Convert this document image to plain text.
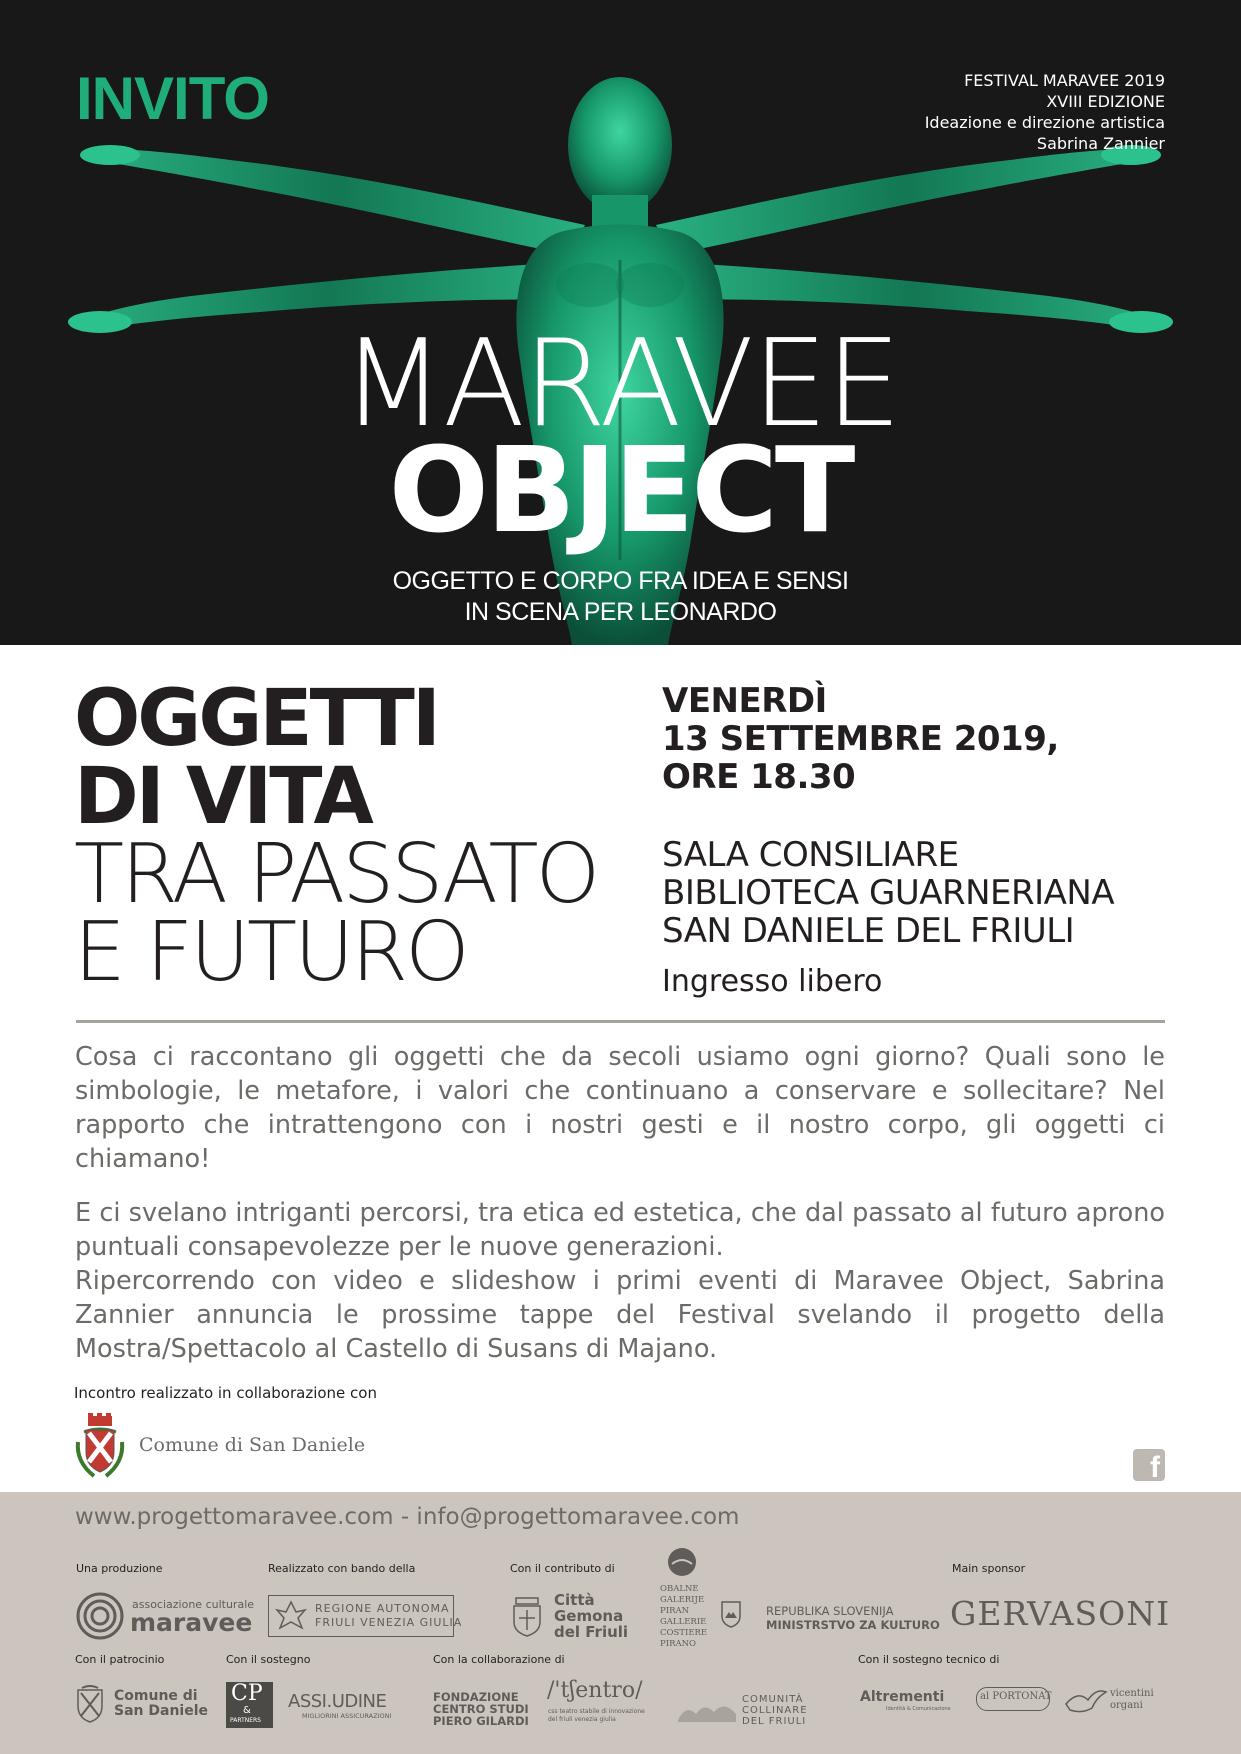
INVITO	FESTIVAL MARAVEE 2019
XVIII EDIZIONE
Ideazione e direzione artistica
Sabrina Zannier
MARAVEE
OBJECT
OGGETTO E CORPO FRA IDEA E SENSI
IN SCENA PER LEONARDO
OGGETTI
DI VITA
TRA PASSATO
E FUTURO
VENERDÌ
13 SETTEMBRE 2019,
ORE 18.30
SALA CONSILIARE
BIBLIOTECA GUARNERIANA
SAN DANIELE DEL FRIULI
Ingresso libero

Cosa ci raccontano gli oggetti che da secoli usiamo ogni giorno? Quali sono le simbologie, le metafore, i valori che continuano a conservare e sollecitare? Nel rapporto che intrattengono con i nostri gesti e il nostro corpo, gli oggetti ci chiamano!

E ci svelano intriganti percorsi, tra etica ed estetica, che dal passato al futuro aprono puntuali consapevolezze per le nuove generazioni.

Ripercorrendo con video e slideshow i primi eventi di Maravee Object, Sabrina Zannier annuncia le prossime tappe del Festival svelando il progetto della Mostra/Spettacolo al Castello di Susans di Majano.

Incontro realizzato in collaborazione con
Comune di San Daniele
f
www.progettomaravee.com - info@progettomaravee.com
Una produzione	Realizzato con bando della	Con il contributo di	Main sponsor
associazione culturale
maravee	REGIONE AUTONOMA
FRIULI VENEZIA GIULIA
Città
Gemona
del Friuli
OBALNE
GALERIJE
PIRAN
GALLERIE
COSTIERE
PIRANO
REPUBLIKA SLOVENIJA
MINISTRSTVO ZA KULTURO GERVASONI
Con il patrocinio	Con il sostegno	Con la collaborazione di	Con il sostegno tecnico di
Comune di
San Daniele
CP
&
PARTNERS
ASSI.UDINE
MIGLIORINI ASSICURAZIONI
FONDAZIONE
CENTRO STUDI
PIERO GILARDI
/'tʃentro/
css teatro stabile di innovazione
del friuli venezia giulia
COMUNITÀ
COLLINARE
DEL FRIULI
Altrementi
Identità & Comunicazione
al PORTONAT	vicentini
organi
